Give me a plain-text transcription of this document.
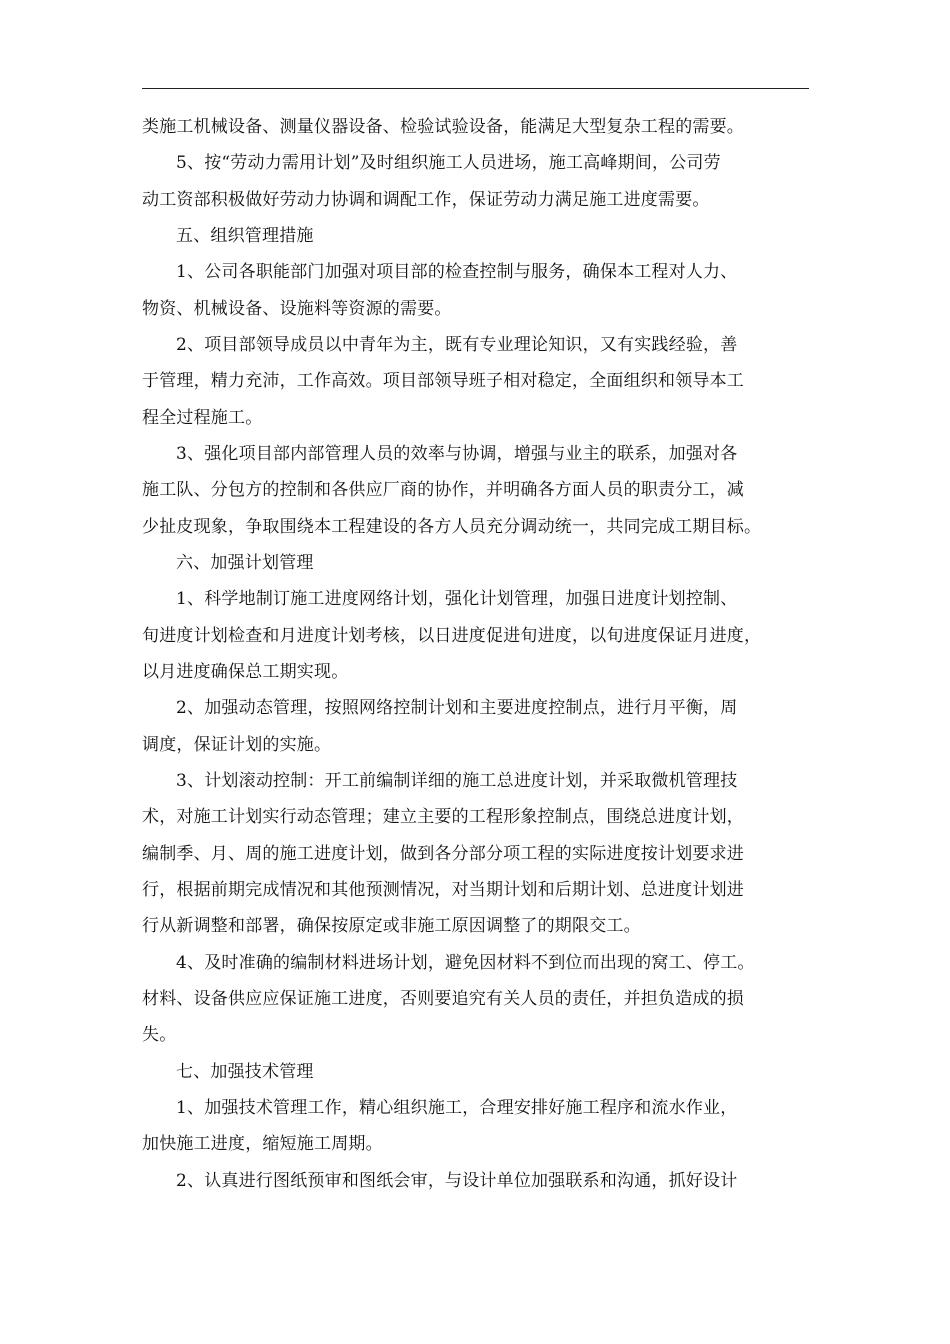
类施工机械设备、测量仪器设备、检验试验设备，能满足大型复杂工程的需要。
5、按“劳动力需用计划”及时组织施工人员进场，施工高峰期间，公司劳
动工资部积极做好劳动力协调和调配工作，保证劳动力满足施工进度需要。
五、组织管理措施
1、公司各职能部门加强对项目部的检查控制与服务，确保本工程对人力、
物资、机械设备、设施料等资源的需要。
2、项目部领导成员以中青年为主，既有专业理论知识，又有实践经验，善
于管理，精力充沛，工作高效。项目部领导班子相对稳定，全面组织和领导本工
程全过程施工。
3、强化项目部内部管理人员的效率与协调，增强与业主的联系，加强对各
施工队、分包方的控制和各供应厂商的协作，并明确各方面人员的职责分工，减
少扯皮现象，争取围绕本工程建设的各方人员充分调动统一，共同完成工期目标。
六、加强计划管理
1、科学地制订施工进度网络计划，强化计划管理，加强日进度计划控制、
旬进度计划检查和月进度计划考核，以日进度促进旬进度，以旬进度保证月进度，
以月进度确保总工期实现。
2、加强动态管理，按照网络控制计划和主要进度控制点，进行月平衡，周
调度，保证计划的实施。
3、计划滚动控制：开工前编制详细的施工总进度计划，并采取微机管理技
术，对施工计划实行动态管理；建立主要的工程形象控制点，围绕总进度计划，
编制季、月、周的施工进度计划，做到各分部分项工程的实际进度按计划要求进
行，根据前期完成情况和其他预测情况，对当期计划和后期计划、总进度计划进
行从新调整和部署，确保按原定或非施工原因调整了的期限交工。
4、及时准确的编制材料进场计划，避免因材料不到位而出现的窝工、停工。
材料、设备供应应保证施工进度，否则要追究有关人员的责任，并担负造成的损
失。
七、加强技术管理
1、加强技术管理工作，精心组织施工，合理安排好施工程序和流水作业，
加快施工进度，缩短施工周期。
2、认真进行图纸预审和图纸会审，与设计单位加强联系和沟通，抓好设计
